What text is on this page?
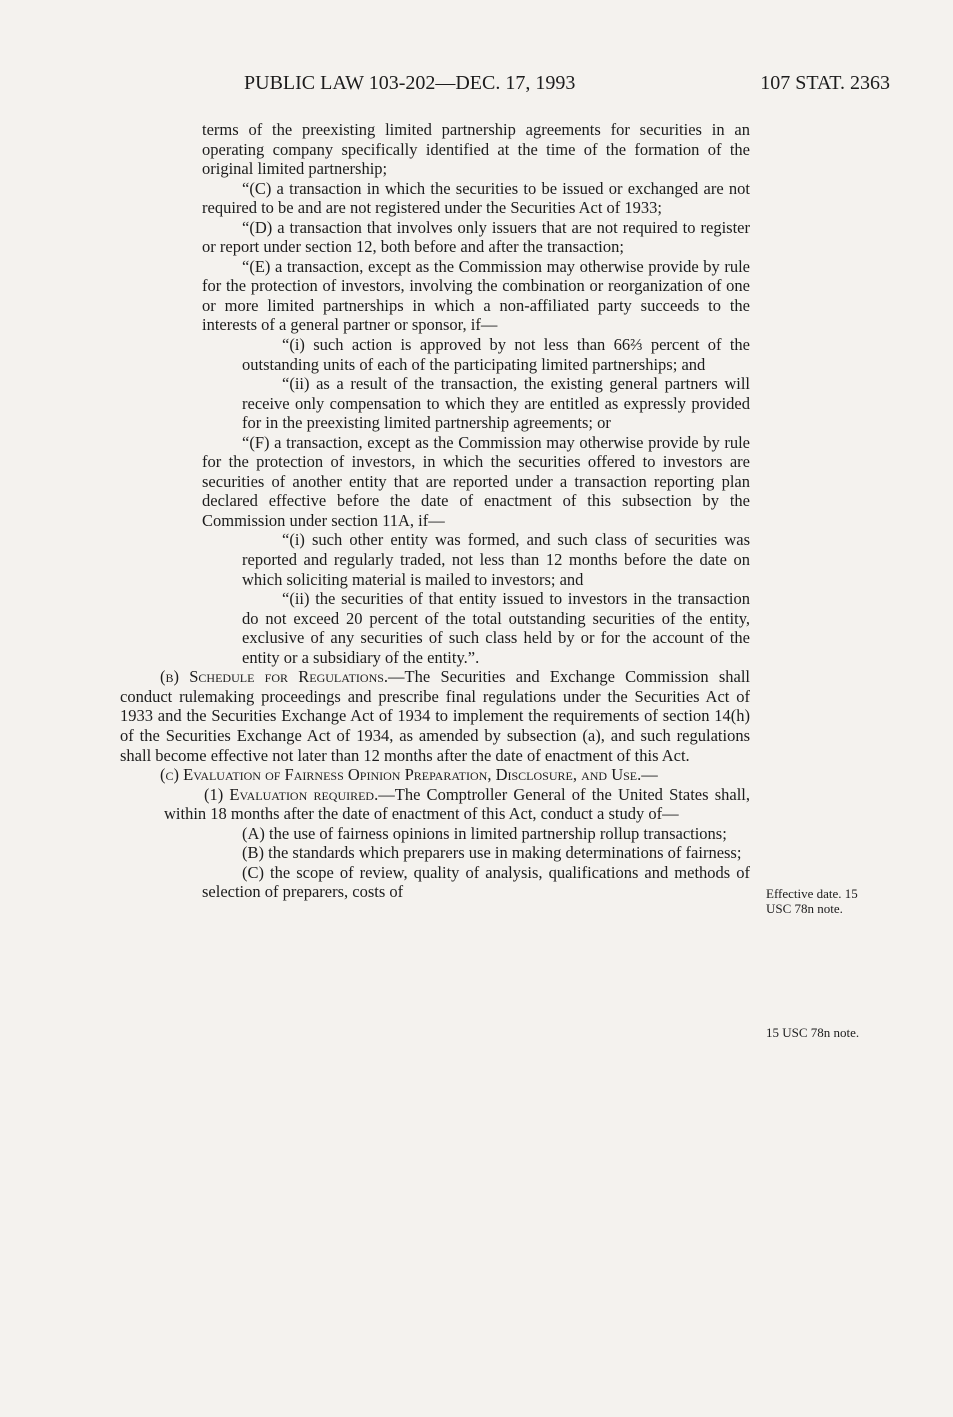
PUBLIC LAW 103-202—DEC. 17, 1993	107 STAT. 2363

terms of the preexisting limited partnership agreements for securities in an operating company specifically identified at the time of the formation of the original limited partnership;

“(C) a transaction in which the securities to be issued or exchanged are not required to be and are not registered under the Securities Act of 1933;

“(D) a transaction that involves only issuers that are not required to register or report under section 12, both before and after the transaction;

“(E) a transaction, except as the Commission may otherwise provide by rule for the protection of investors, involving the combination or reorganization of one or more limited partnerships in which a non-affiliated party succeeds to the interests of a general partner or sponsor, if—

“(i) such action is approved by not less than 66⅔ percent of the outstanding units of each of the participating limited partnerships; and

“(ii) as a result of the transaction, the existing general partners will receive only compensation to which they are entitled as expressly provided for in the preexisting limited partnership agreements; or

“(F) a transaction, except as the Commission may otherwise provide by rule for the protection of investors, in which the securities offered to investors are securities of another entity that are reported under a transaction reporting plan declared effective before the date of enactment of this subsection by the Commission under section 11A, if—

“(i) such other entity was formed, and such class of securities was reported and regularly traded, not less than 12 months before the date on which soliciting material is mailed to investors; and

“(ii) the securities of that entity issued to investors in the transaction do not exceed 20 percent of the total outstanding securities of the entity, exclusive of any securities of such class held by or for the account of the entity or a subsidiary of the entity.”.

(b) Schedule for Regulations.—The Securities and Exchange Commission shall conduct rulemaking proceedings and prescribe final regulations under the Securities Act of 1933 and the Securities Exchange Act of 1934 to implement the requirements of section 14(h) of the Securities Exchange Act of 1934, as amended by subsection (a), and such regulations shall become effective not later than 12 months after the date of enactment of this Act.

(c) Evaluation of Fairness Opinion Preparation, Disclosure, and Use.—

(1) Evaluation required.—The Comptroller General of the United States shall, within 18 months after the date of enactment of this Act, conduct a study of—

(A) the use of fairness opinions in limited partnership rollup transactions;

(B) the standards which preparers use in making determinations of fairness;

(C) the scope of review, quality of analysis, qualifications and methods of selection of preparers, costs of	Effective date. 15 USC 78n note.
15 USC 78n note.
